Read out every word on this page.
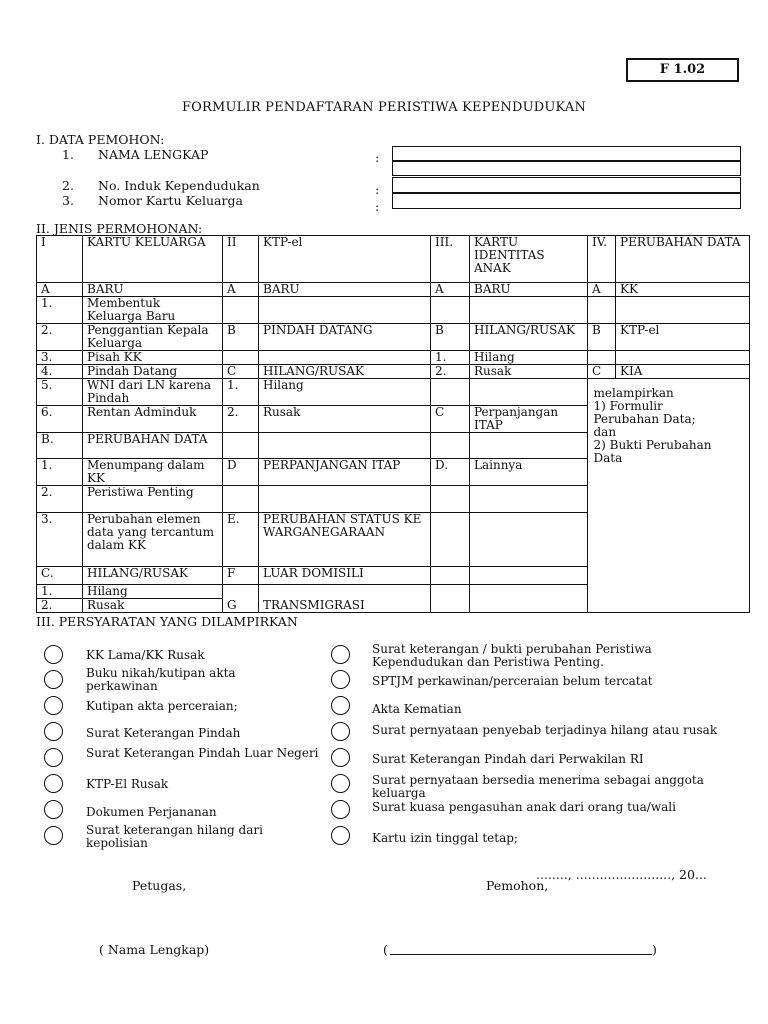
F 1.02
FORMULIR PENDAFTARAN PERISTIWA KEPENDUDUKAN
I. DATA PEMOHON:
1. NAMA LENGKAP	:
2. No. Induk Kependudukan	:
3. Nomor Kartu Keluarga	:
II. JENIS PERMOHONAN:
I	KARTU KELUARGA	II	KTP-el	III.	KARTU IDENTITAS ANAK	IV.	PERUBAHAN DATA
A	BARU	A	BARU	A	BARU	A	KK
1.	Membentuk Keluarga Baru						
2.	Penggantian Kepala Keluarga	B	PINDAH DATANG	B	HILANG/RUSAK	B	KTP-el
3.	Pisah KK			1.	Hilang		
4.	Pindah Datang	C	HILANG/RUSAK	2.	Rusak	C	KIA
5.	WNI dari LN karena Pindah	1.	Hilang				melampirkan
1) Formulir Perubahan Data; dan
2) Bukti Perubahan Data

6.	Rentan Adminduk	2.	Rusak	C	Perpanjangan ITAP
B.	PERUBAHAN DATA				
1.	Menumpang dalam KK	D	PERPANJANGAN ITAP	D.	Lainnya
2.	Peristiwa Penting				
3.	Perubahan elemen data yang tercantum dalam KK	E.	PERUBAHAN STATUS KEWARGANEGARAAN		
C.	HILANG/RUSAK	F	LUAR DOMISILI		
1.	Hilang	G	TRANSMIGRASI		
2.	Rusak
III. PERSYARATAN YANG DILAMPIRKAN
KK Lama/KK Rusak
Buku nikah/kutipan akta perkawinan
Kutipan akta perceraian;
Surat Keterangan Pindah
Surat Keterangan Pindah Luar Negeri
KTP-El Rusak
Dokumen Perjananan
Surat keterangan hilang dari kepolisian
Surat keterangan / bukti perubahan Peristiwa Kependudukan dan Peristiwa Penting.
SPTJM perkawinan/perceraian belum tercatat
Akta Kematian
Surat pernyataan penyebab terjadinya hilang atau rusak
Surat Keterangan Pindah dari Perwakilan RI
Surat pernyataan bersedia menerima sebagai anggota keluarga
Surat kuasa pengasuhan anak dari orang tua/wali
Kartu izin tinggal tetap;
........, ........................, 20...
Petugas,	Pemohon,
( Nama Lengkap)	(	)
